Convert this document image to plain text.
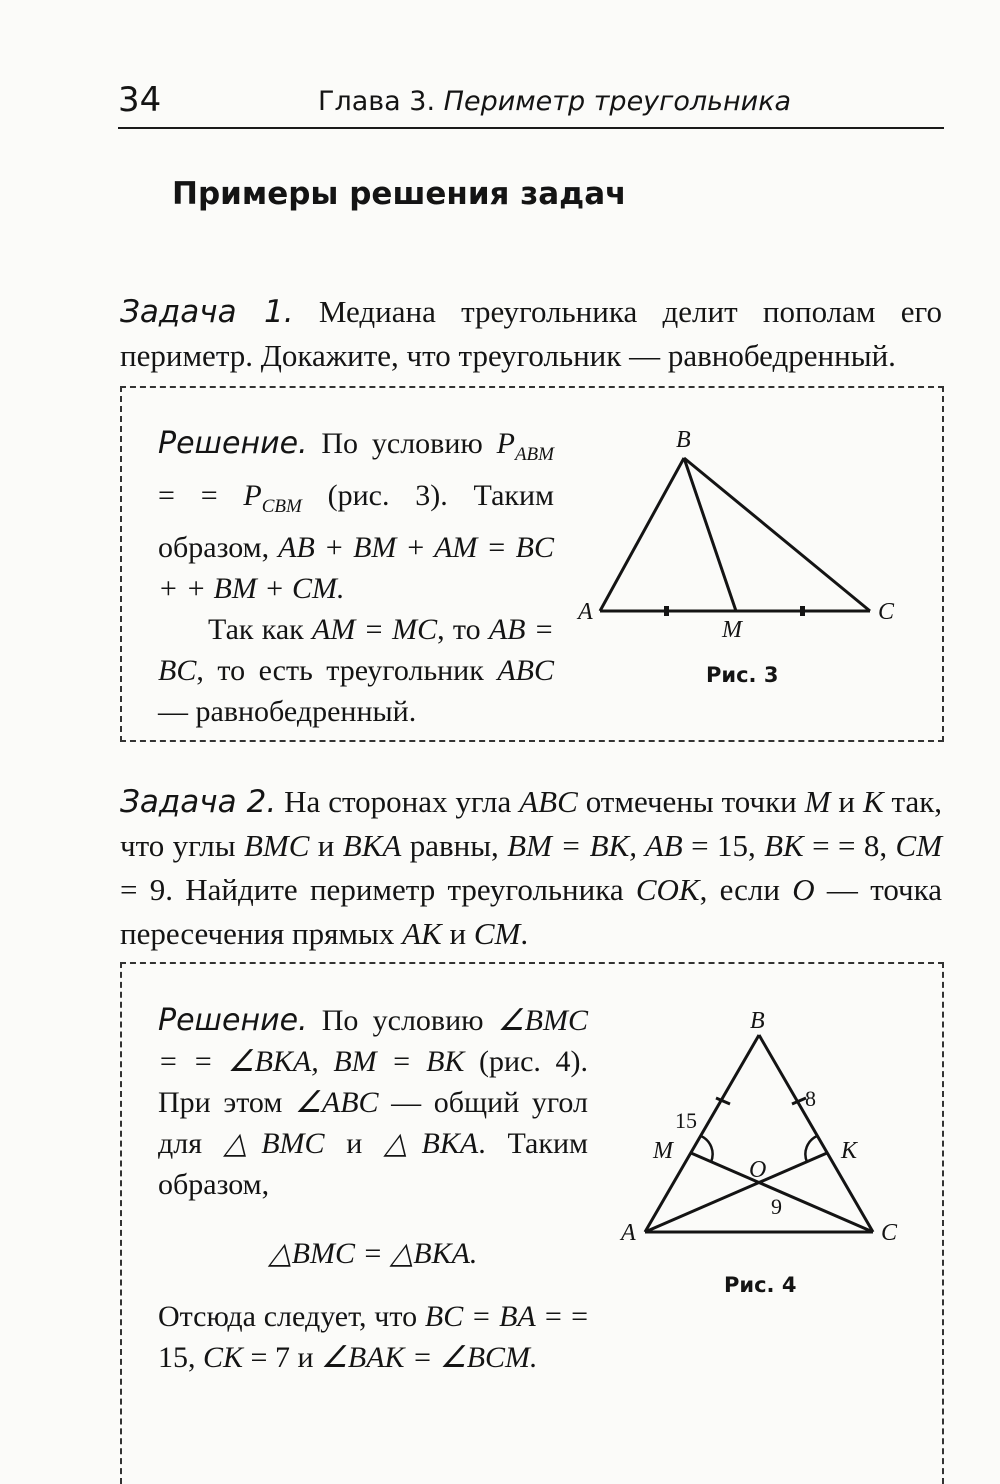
34	Глава 3. Периметр треугольника
Примеры решения задач
Задача 1. Медиана треугольника делит пополам его периметр. Докажите, что треугольник — равнобедренный.

Решение. По условию $P_{ABM}$ = = $P_{CBM}$ (рис. 3). Таким образом, AB + BM + AM = BC + + BM + CM.

Так как AM = MC, то AB = BC, то есть треугольник ABC — равнобедренный.

A
B
C
M
Рис. 3
Задача 2. На сторонах угла ABC отмечены точки M и K так, что углы BMC и BKA равны, BM = BK, AB = 15, BK = = 8, CM = 9. Найдите периметр треугольника COK, если O — точка пересечения прямых AK и CM.

Решение. По условию ∠BMC = = ∠BKA, BM = BK (рис. 4). При этом ∠ABC — общий угол для △BMC и △BKA. Таким образом,

△BMC = △BKA.

Отсюда следует, что BC = BA = = 15, CK = 7 и ∠BAK = ∠BCM.

A
B
C
M	K
O
15
8
9
Рис. 4
